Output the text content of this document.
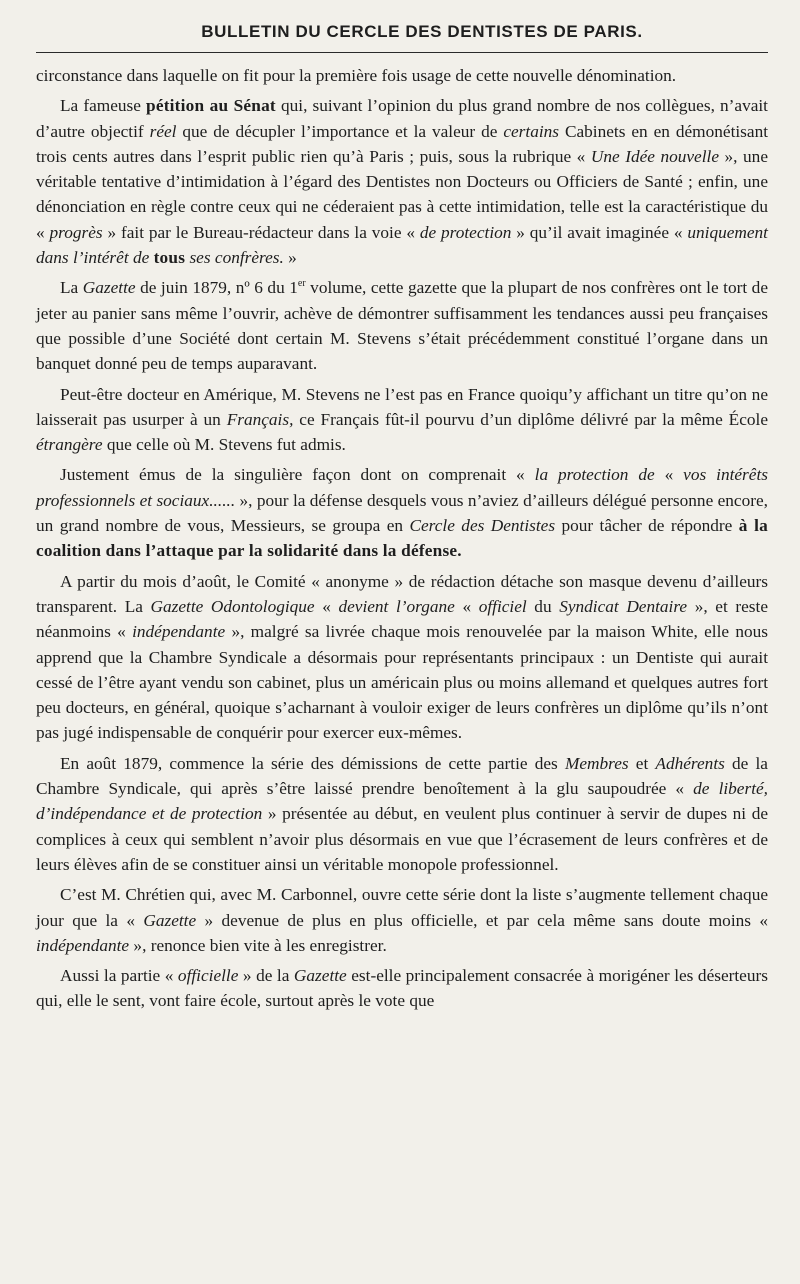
BULLETIN DU CERCLE DES DENTISTES DE PARIS.

circonstance dans laquelle on fit pour la première fois usage de cette nouvelle dénomination.

La fameuse pétition au Sénat qui, suivant l’opinion du plus grand nombre de nos collègues, n’avait d’autre objectif réel que de décupler l’importance et la valeur de certains Cabinets en en démonétisant trois cents autres dans l’esprit public rien qu’à Paris ; puis, sous la rubrique « Une Idée nouvelle », une véritable tentative d’intimidation à l’égard des Dentistes non Docteurs ou Officiers de Santé ; enfin, une dénonciation en règle contre ceux qui ne céderaient pas à cette intimidation, telle est la caractéristique du « progrès » fait par le Bureau-rédacteur dans la voie « de protection » qu’il avait imaginée « uniquement dans l’intérêt de tous ses confrères. »

La Gazette de juin 1879, nº 6 du 1er volume, cette gazette que la plupart de nos confrères ont le tort de jeter au panier sans même l’ouvrir, achève de démontrer suffisamment les tendances aussi peu françaises que possible d’une Société dont certain M. Stevens s’était précédemment constitué l’organe dans un banquet donné peu de temps auparavant.

Peut-être docteur en Amérique, M. Stevens ne l’est pas en France quoiqu’y affichant un titre qu’on ne laisserait pas usurper à un Français, ce Français fût-il pourvu d’un diplôme délivré par la même École étrangère que celle où M. Stevens fut admis.

Justement émus de la singulière façon dont on comprenait « la protection de « vos intérêts professionnels et sociaux...... », pour la défense desquels vous n’aviez d’ailleurs délégué personne encore, un grand nombre de vous, Messieurs, se groupa en Cercle des Dentistes pour tâcher de répondre à la coalition dans l’attaque par la solidarité dans la défense.

A partir du mois d’août, le Comité « anonyme » de rédaction détache son masque devenu d’ailleurs transparent. La Gazette Odontologique « devient l’organe « officiel du Syndicat Dentaire », et reste néanmoins « indépendante », malgré sa livrée chaque mois renouvelée par la maison White, elle nous apprend que la Chambre Syndicale a désormais pour représentants principaux : un Dentiste qui aurait cessé de l’être ayant vendu son cabinet, plus un américain plus ou moins allemand et quelques autres fort peu docteurs, en général, quoique s’acharnant à vouloir exiger de leurs confrères un diplôme qu’ils n’ont pas jugé indispensable de conquérir pour exercer eux-mêmes.

En août 1879, commence la série des démissions de cette partie des Membres et Adhérents de la Chambre Syndicale, qui après s’être laissé prendre benoîtement à la glu saupoudrée « de liberté, d’indépendance et de protection » présentée au début, en veulent plus continuer à servir de dupes ni de complices à ceux qui semblent n’avoir plus désormais en vue que l’écrasement de leurs confrères et de leurs élèves afin de se constituer ainsi un véritable monopole professionnel.

C’est M. Chrétien qui, avec M. Carbonnel, ouvre cette série dont la liste s’augmente tellement chaque jour que la « Gazette » devenue de plus en plus officielle, et par cela même sans doute moins « indépendante », renonce bien vite à les enregistrer.

Aussi la partie « officielle » de la Gazette est-elle principalement consacrée à morigéner les déserteurs qui, elle le sent, vont faire école, surtout après le vote que
